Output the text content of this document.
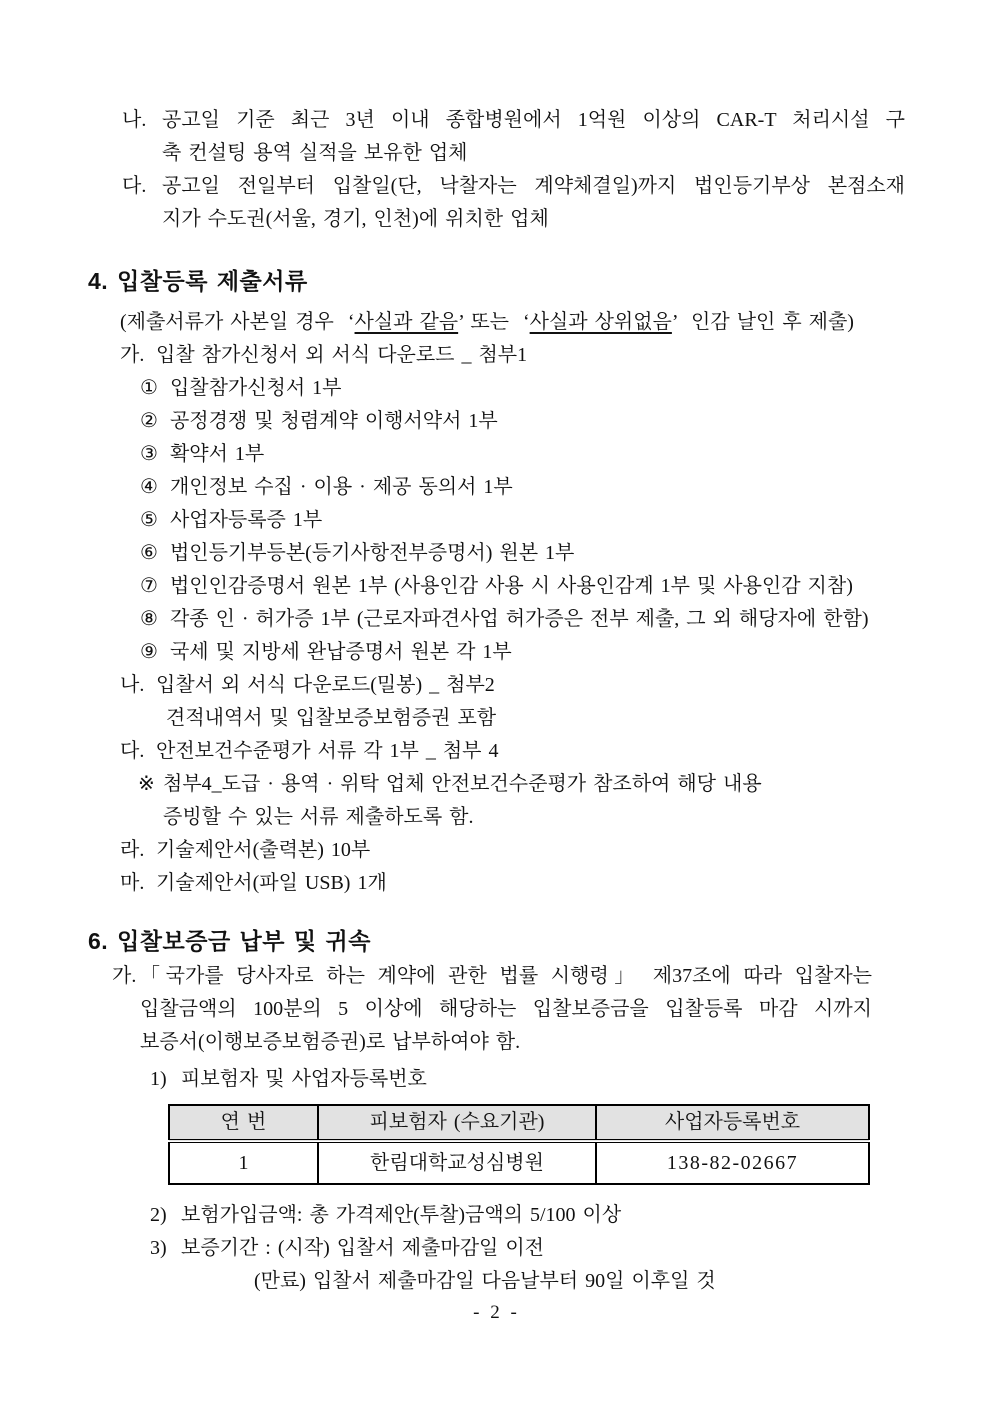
나. 공고일 기준 최근 3년 이내 종합병원에서 1억원 이상의 CAR-T 처리시설 구
축 컨설팅 용역 실적을 보유한 업체
다. 공고일 전일부터 입찰일(단, 낙찰자는 계약체결일)까지 법인등기부상 본점소재
지가 수도권(서울, 경기, 인천)에 위치한 업체
4. 입찰등록 제출서류
(제출서류가 사본일 경우  ‘사실과 같음’ 또는  ‘사실과 상위없음’  인감 날인 후 제출)
가. 입찰 참가신청서 외 서식 다운로드 _ 첨부1
① 입찰참가신청서 1부
② 공정경쟁 및 청렴계약 이행서약서 1부
③ 확약서 1부
④ 개인정보 수집 · 이용 · 제공 동의서 1부
⑤ 사업자등록증 1부
⑥ 법인등기부등본(등기사항전부증명서) 원본 1부
⑦ 법인인감증명서 원본 1부 (사용인감 사용 시 사용인감계 1부 및 사용인감 지참)
⑧ 각종 인 · 허가증 1부 (근로자파견사업 허가증은 전부 제출, 그 외 해당자에 한함)
⑨ 국세 및 지방세 완납증명서 원본 각 1부
나. 입찰서 외 서식 다운로드(밀봉) _ 첨부2
견적내역서 및 입찰보증보험증권 포함
다. 안전보건수준평가 서류 각 1부 _ 첨부 4
※ 첨부4_도급 · 용역 · 위탁 업체 안전보건수준평가 참조하여 해당 내용
증빙할 수 있는 서류 제출하도록 함.
라. 기술제안서(출력본) 10부
마. 기술제안서(파일 USB) 1개
6. 입찰보증금 납부 및 귀속
가. 「국가를 당사자로 하는 계약에 관한 법률 시행령」 제37조에 따라 입찰자는
입찰금액의 100분의 5 이상에 해당하는 입찰보증금을 입찰등록 마감 시까지
보증서(이행보증보험증권)로 납부하여야 함.
1) 피보험자 및 사업자등록번호
연 번	피보험자 (수요기관)	사업자등록번호
1	한림대학교성심병원	138-82-02667
2) 보험가입금액: 총 가격제안(투찰)금액의 5/100 이상
3) 보증기간 : (시작) 입찰서 제출마감일 이전
(만료) 입찰서 제출마감일 다음날부터 90일 이후일 것
- 2 -
